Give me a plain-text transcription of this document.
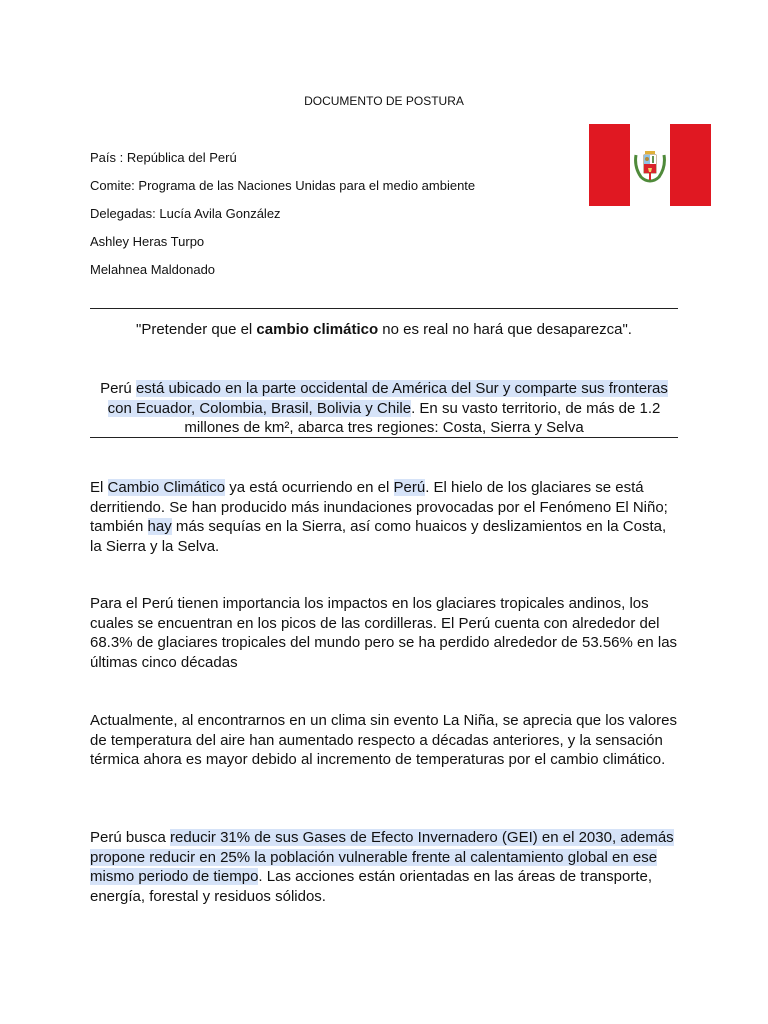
DOCUMENTO DE POSTURA
País : República del Perú
Comite: Programa de las Naciones Unidas para el medio ambiente
Delegadas: Lucía Avila González
Ashley Heras Turpo
Melahnea Maldonado
"Pretender que el cambio climático no es real no hará que desaparezca".
Perú está ubicado en la parte occidental de América del Sur y comparte sus fronteras con Ecuador, Colombia, Brasil, Bolivia y Chile. En su vasto territorio, de más de 1.2 millones de km², abarca tres regiones: Costa, Sierra y Selva
El Cambio Climático ya está ocurriendo en el Perú. El hielo de los glaciares se está derritiendo. Se han producido más inundaciones provocadas por el Fenómeno El Niño; también hay más sequías en la Sierra, así como huaicos y deslizamientos en la Costa, la Sierra y la Selva.
Para el Perú tienen importancia los impactos en los glaciares tropicales andinos, los cuales se encuentran en los picos de las cordilleras. El Perú cuenta con alrededor del 68.3% de glaciares tropicales del mundo pero se ha perdido alrededor de 53.56% en las últimas cinco décadas
Actualmente, al encontrarnos en un clima sin evento La Niña, se aprecia que los valores de temperatura del aire han aumentado respecto a décadas anteriores, y la sensación térmica ahora es mayor debido al incremento de temperaturas por el cambio climático.
Perú busca reducir 31% de sus Gases de Efecto Invernadero (GEI) en el 2030, además propone reducir en 25% la población vulnerable frente al calentamiento global en ese mismo periodo de tiempo. Las acciones están orientadas en las áreas de transporte, energía, forestal y residuos sólidos.
